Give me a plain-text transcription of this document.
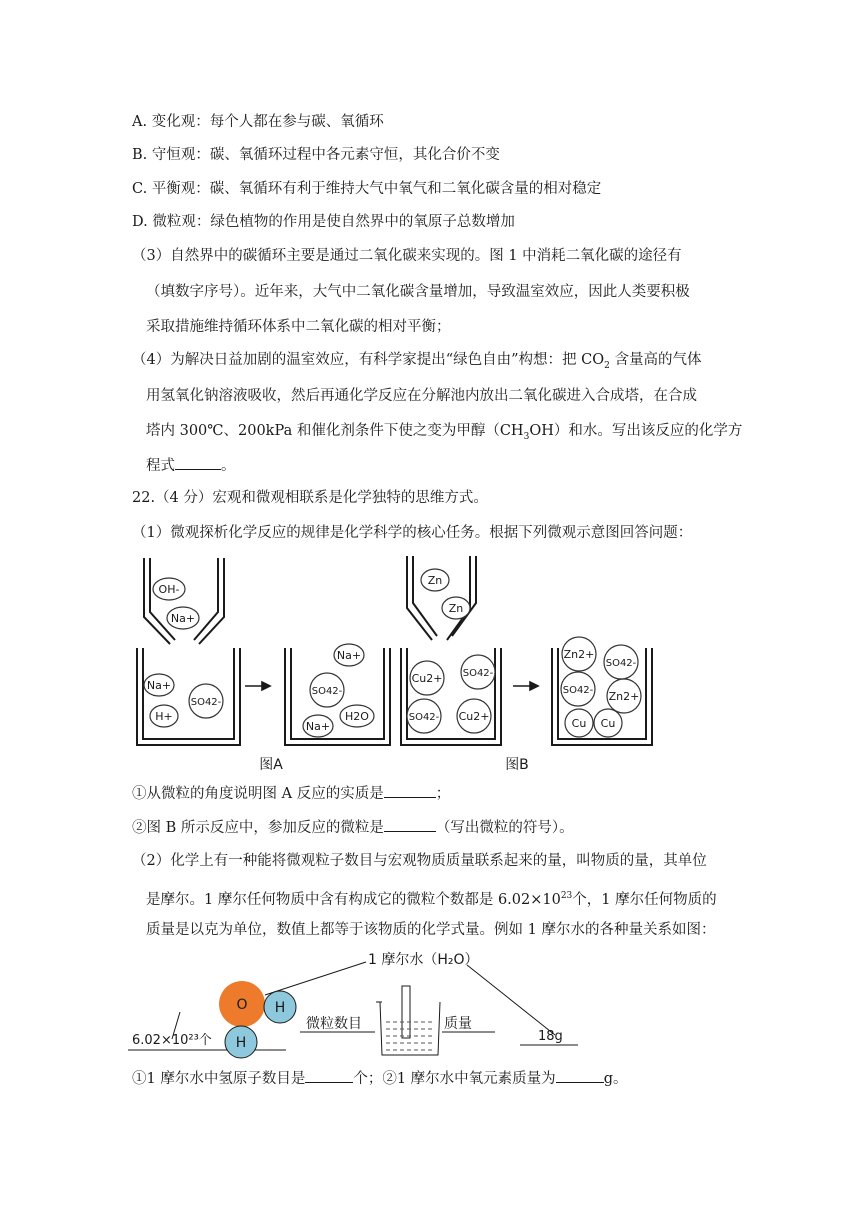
A. 变化观：每个人都在参与碳、氧循环
B. 守恒观：碳、氧循环过程中各元素守恒，其化合价不变
C. 平衡观：碳、氧循环有利于维持大气中氧气和二氧化碳含量的相对稳定
D. 微粒观：绿色植物的作用是使自然界中的氧原子总数增加
（3）自然界中的碳循环主要是通过二氧化碳来实现的。图 1 中消耗二氧化碳的途径有
（填数字序号）。近年来，大气中二氧化碳含量增加，导致温室效应，因此人类要积极
采取措施维持循环体系中二氧化碳的相对平衡；
（4）为解决日益加剧的温室效应，有科学家提出“绿色自由”构想：把 $CO_2$ 含量高的气体
用氢氧化钠溶液吸收，然后再通化学反应在分解池内放出二氧化碳进入合成塔，在合成
塔内 300℃、200kPa 和催化剂条件下使之变为甲醇$(CH_3OH)$和水。写出该反应的化学方
程式	。
22.（4 分）宏观和微观相联系是化学独特的思维方式。
（1）微观探析化学反应的规律是化学科学的核心任务。根据下列微观示意图回答问题：
OH-
Na+
Na+
H+
SO42-
Na+
SO42-
H2O
Na+
Zn
Zn
Cu2+ SO42-
SO42- Cu2+
Zn2+
SO42-
SO42- Zn2+
Cu Cu
图A	图B
①从微粒的角度说明图 A 反应的实质是	；
②图 B 所示反应中，参加反应的微粒是	（写出微粒的符号）。
（2）化学上有一种能将微观粒子数目与宏观物质质量联系起来的量，叫物质的量，其单位
是摩尔。1 摩尔任何物质中含有构成它的微粒个数都是 $6.02\times 10^{23}$个，1 摩尔任何物质的
质量是以克为单位，数值上都等于该物质的化学式量。例如 1 摩尔水的各种量关系如图：
O H
H
1 摩尔水（H₂O）
6.02×10²³个
微粒数目	质量
18g
①1 摩尔水中氢原子数目是	个；②1 摩尔水中氧元素质量为	g。
